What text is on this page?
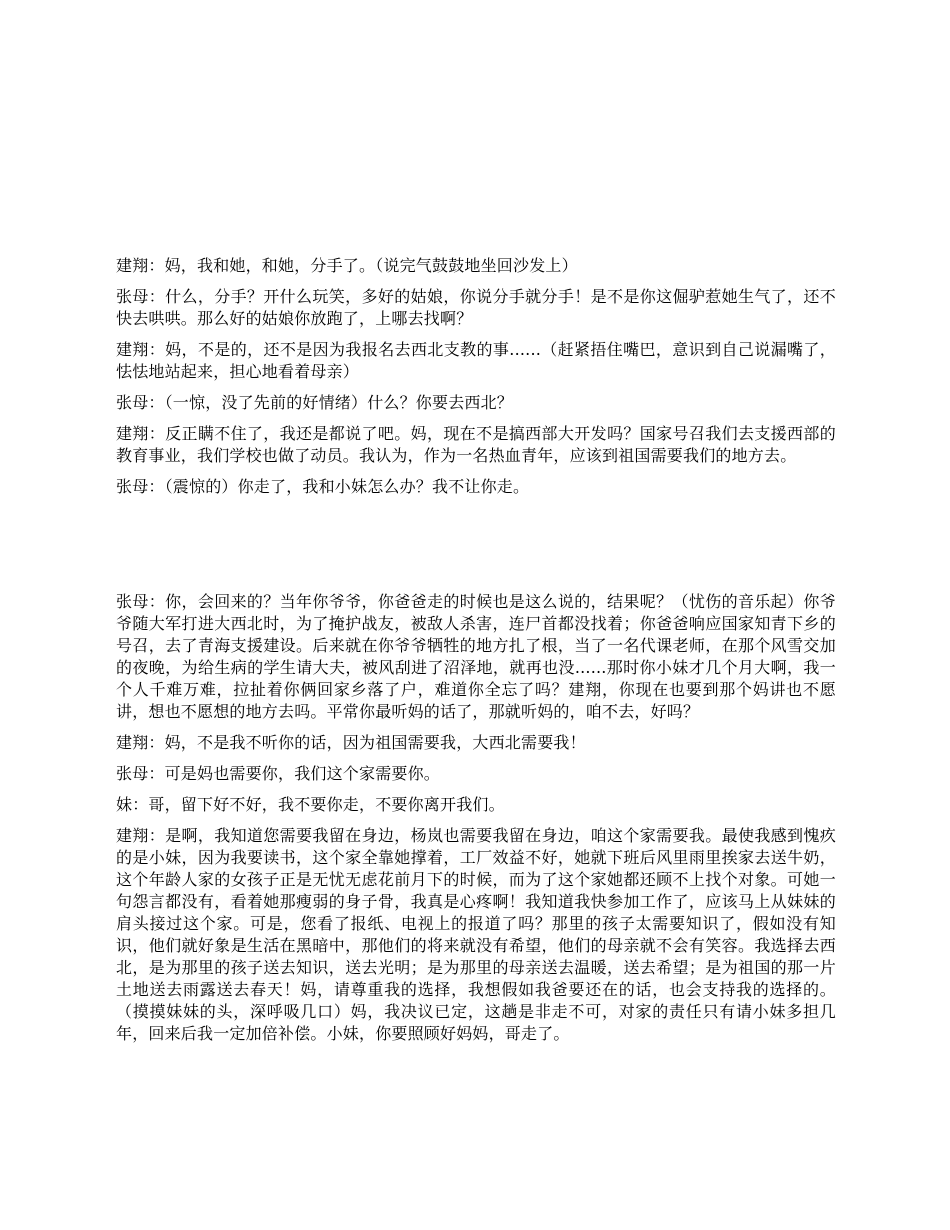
建翔：妈，我和她，和她，分手了。（说完气鼓鼓地坐回沙发上）

张母：什么，分手？开什么玩笑，多好的姑娘，你说分手就分手！是不是你这倔驴惹她生气了，还不快去哄哄。那么好的姑娘你放跑了，上哪去找啊？

建翔：妈，不是的，还不是因为我报名去西北支教的事......（赶紧捂住嘴巴，意识到自己说漏嘴了，怯怯地站起来，担心地看着母亲）

张母：（一惊，没了先前的好情绪）什么？你要去西北？

建翔：反正瞒不住了，我还是都说了吧。妈，现在不是搞西部大开发吗？国家号召我们去支援西部的教育事业，我们学校也做了动员。我认为，作为一名热血青年，应该到祖国需要我们的地方去。

张母：（震惊的）你走了，我和小妹怎么办？我不让你走。

张母：你，会回来的？当年你爷爷，你爸爸走的时候也是这么说的，结果呢？（忧伤的音乐起）你爷爷随大军打进大西北时，为了掩护战友，被敌人杀害，连尸首都没找着；你爸爸响应国家知青下乡的号召，去了青海支援建设。后来就在你爷爷牺牲的地方扎了根，当了一名代课老师，在那个风雪交加的夜晚，为给生病的学生请大夫，被风刮进了沼泽地，就再也没......那时你小妹才几个月大啊，我一个人千难万难，拉扯着你俩回家乡落了户，难道你全忘了吗？建翔，你现在也要到那个妈讲也不愿讲，想也不愿想的地方去吗。平常你最听妈的话了，那就听妈的，咱不去，好吗？

建翔：妈，不是我不听你的话，因为祖国需要我，大西北需要我！

张母：可是妈也需要你，我们这个家需要你。

妹：哥，留下好不好，我不要你走，不要你离开我们。

建翔：是啊，我知道您需要我留在身边，杨岚也需要我留在身边，咱这个家需要我。最使我感到愧疚的是小妹，因为我要读书，这个家全靠她撑着，工厂效益不好，她就下班后风里雨里挨家去送牛奶，这个年龄人家的女孩子正是无忧无虑花前月下的时候，而为了这个家她都还顾不上找个对象。可她一句怨言都没有，看着她那瘦弱的身子骨，我真是心疼啊！我知道我快参加工作了，应该马上从妹妹的肩头接过这个家。可是，您看了报纸、电视上的报道了吗？那里的孩子太需要知识了，假如没有知识，他们就好象是生活在黑暗中，那他们的将来就没有希望，他们的母亲就不会有笑容。我选择去西北，是为那里的孩子送去知识，送去光明；是为那里的母亲送去温暖，送去希望；是为祖国的那一片土地送去雨露送去春天！妈，请尊重我的选择，我想假如我爸要还在的话，也会支持我的选择的。（摸摸妹妹的头，深呼吸几口）妈，我决议已定，这趟是非走不可，对家的责任只有请小妹多担几年，回来后我一定加倍补偿。小妹，你要照顾好妈妈，哥走了。
